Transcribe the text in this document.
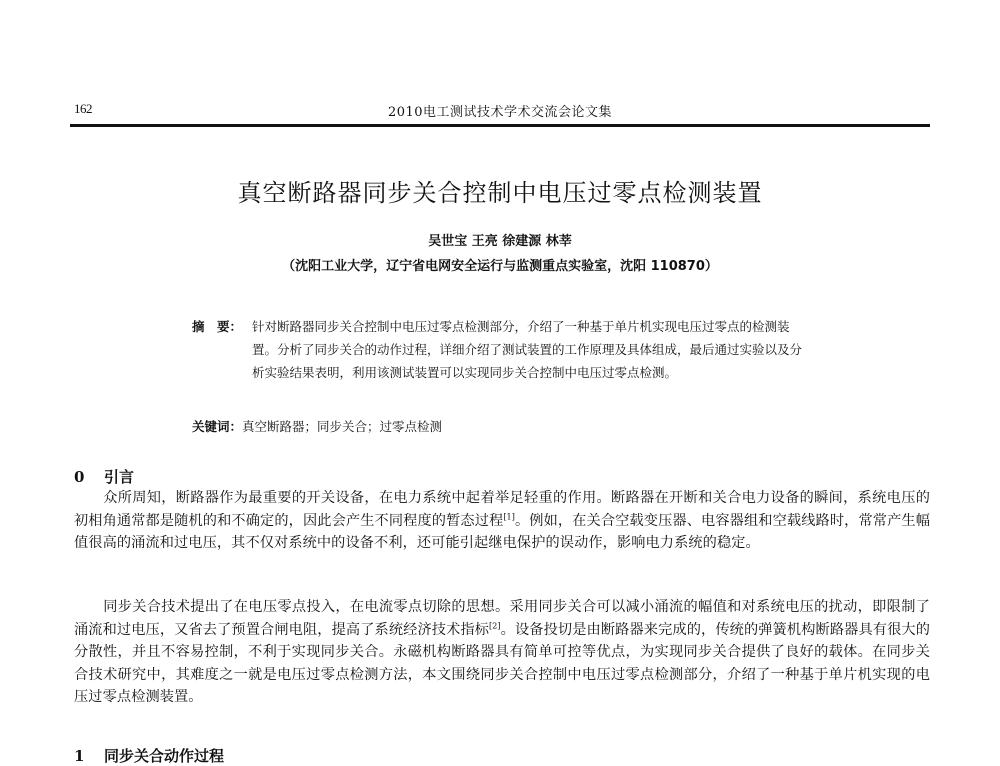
162	2010电工测试技术学术交流会论文集
真空断路器同步关合控制中电压过零点检测装置
吴世宝 王亮 徐建源 林莘
（沈阳工业大学，辽宁省电网安全运行与监测重点实验室，沈阳 110870）
摘　要： 针对断路器同步关合控制中电压过零点检测部分，介绍了一种基于单片机实现电压过零点的检测装置。分析了同步关合的动作过程，详细介绍了测试装置的工作原理及具体组成，最后通过实验以及分析实验结果表明，利用该测试装置可以实现同步关合控制中电压过零点检测。
关键词：真空断路器；同步关合；过零点检测
0 引言
众所周知，断路器作为最重要的开关设备，在电力系统中起着举足轻重的作用。断路器在开断和关合电力设备的瞬间，系统电压的初相角通常都是随机的和不确定的，因此会产生不同程度的暂态过程[1]。例如，在关合空载变压器、电容器组和空载线路时，常常产生幅值很高的涌流和过电压，其不仅对系统中的设备不利，还可能引起继电保护的误动作，影响电力系统的稳定。
同步关合技术提出了在电压零点投入，在电流零点切除的思想。采用同步关合可以减小涌流的幅值和对系统电压的扰动，即限制了涌流和过电压，又省去了预置合闸电阻，提高了系统经济技术指标[2]。设备投切是由断路器来完成的，传统的弹簧机构断路器具有很大的分散性，并且不容易控制，不利于实现同步关合。永磁机构断路器具有简单可控等优点，为实现同步关合提供了良好的载体。在同步关合技术研究中，其难度之一就是电压过零点检测方法，本文围绕同步关合控制中电压过零点检测部分，介绍了一种基于单片机实现的电压过零点检测装置。
1 同步关合动作过程
